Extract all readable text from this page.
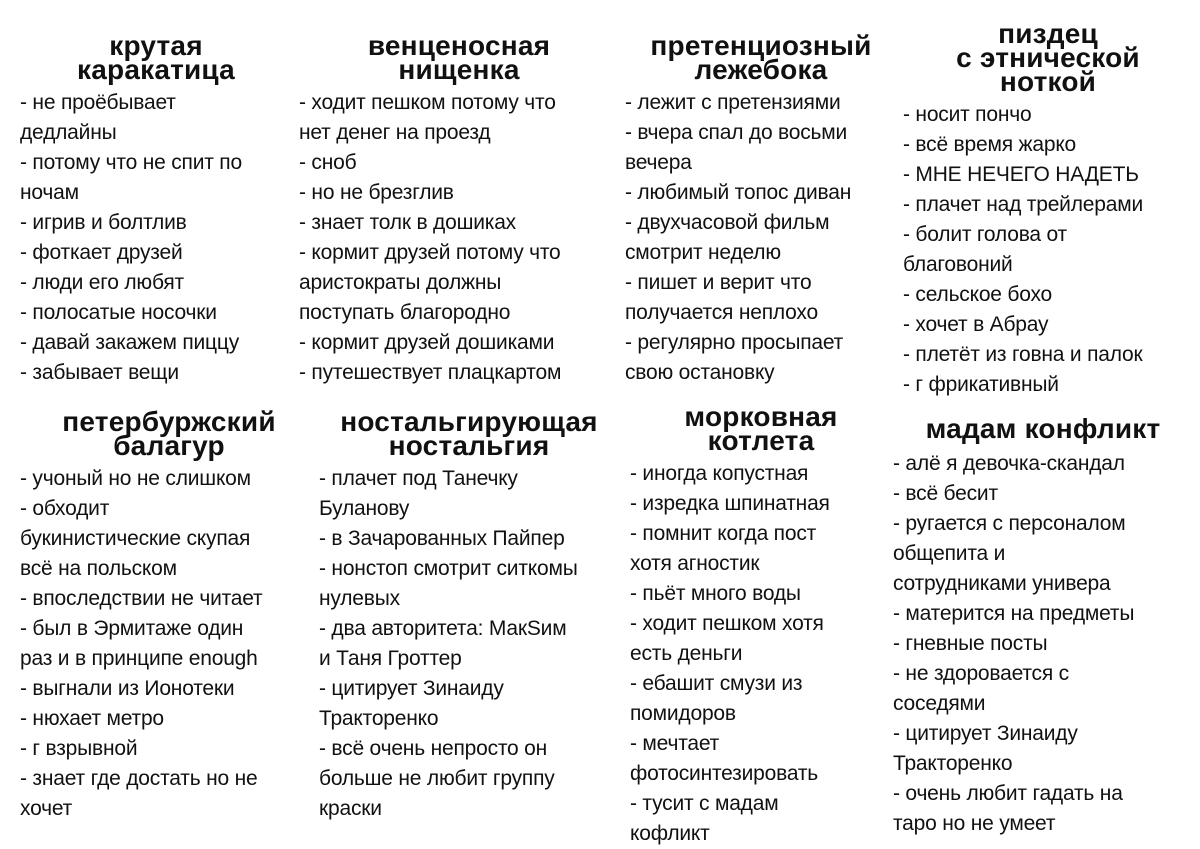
крутая
каракатица
- не проёбывает
дедлайны
- потому что не спит по
ночам
- игрив и болтлив
- фоткает друзей
- люди его любят
- полосатые носочки
- давай закажем пиццу
- забывает вещи
венценосная
нищенка
- ходит пешком потому что
нет денег на проезд
- сноб
- но не брезглив
- знает толк в дошиках
- кормит друзей потому что
аристократы должны
поступать благородно
- кормит друзей дошиками
- путешествует плацкартом
претенциозный
лежебока
- лежит с претензиями
- вчера спал до восьми
вечера
- любимый топос диван
- двухчасовой фильм
смотрит неделю
- пишет и верит что
получается неплохо
- регулярно просыпает
свою остановку
пиздец
с этнической
ноткой
- носит пончо
- всё время жарко
- МНЕ НЕЧЕГО НАДЕТЬ
- плачет над трейлерами
- болит голова от
благовоний
- сельское бохо
- хочет в Абрау
- плетёт из говна и палок
- г фрикативный
петербуржский
балагур
- учоный но не слишком
- обходит
букинистические скупая
всё на польском
- впоследствии не читает
- был в Эрмитаже один
раз и в принципе enough
- выгнали из Ионотеки
- нюхает метро
- г взрывной
- знает где достать но не
хочет
ностальгирующая
ностальгия
- плачет под Танечку
Буланову
- в Зачарованных Пайпер
- нонстоп смотрит ситкомы
нулевых
- два авторитета: МакSим
и Таня Гроттер
- цитирует Зинаиду
Тракторенко
- всё очень непросто он
больше не любит группу
краски
морковная
котлета
- иногда копустная
- изредка шпинатная
- помнит когда пост
хотя агностик
- пьёт много воды
- ходит пешком хотя
есть деньги
- ебашит смузи из
помидоров
- мечтает
фотосинтезировать
- тусит с мадам
кофликт
мадам конфликт
- алё я девочка-скандал
- всё бесит
- ругается с персоналом
общепита и
сотрудниками универа
- матерится на предметы
- гневные посты
- не здоровается с
соседями
- цитирует Зинаиду
Тракторенко
- очень любит гадать на
таро но не умеет
